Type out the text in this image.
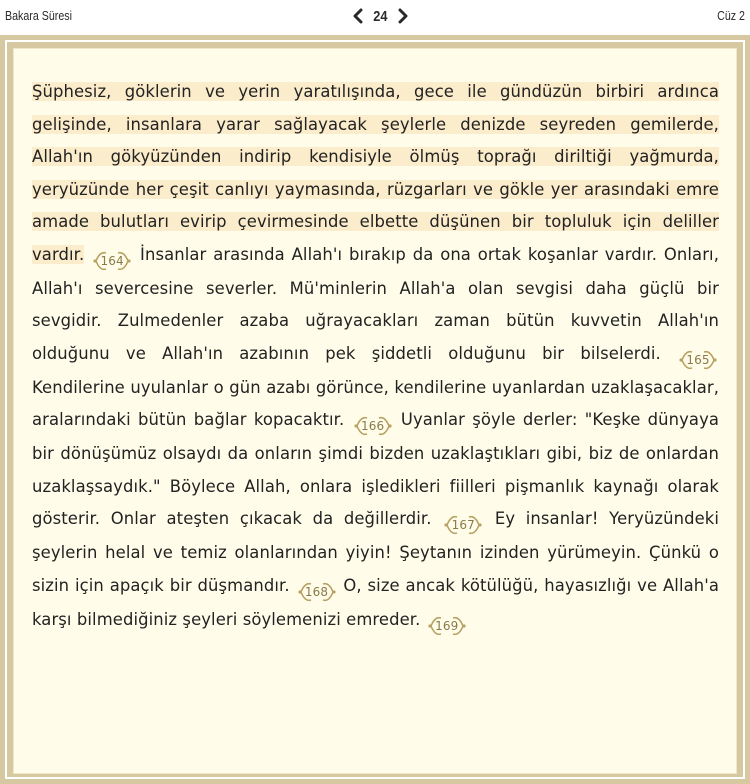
Bakara Süresi	24	Cüz 2
Şüphesiz, göklerin ve yerin yaratılışında, gece ile gündüzün birbiri ardınca gelişinde, insanlara yarar sağlayacak şeylerle denizde seyreden gemilerde, Allah'ın gökyüzünden indirip kendisiyle ölmüş toprağı diriltiği yağmurda, yeryüzünde her çeşit canlıyı yaymasında, rüzgarları ve gökle yer arasındaki emre amade bulutları evirip çevirmesinde elbette düşünen bir topluluk için deliller vardır. 164 İnsanlar arasında Allah'ı bırakıp da ona ortak koşanlar vardır. Onları, Allah'ı severcesine severler. Mü'minlerin Allah'a olan sevgisi daha güçlü bir sevgidir. Zulmedenler azaba uğrayacakları zaman bütün kuvvetin Allah'ın olduğunu ve Allah'ın azabının pek şiddetli olduğunu bir bilselerdi. 165
Kendilerine uyulanlar o gün azabı görünce, kendilerine uyanlardan uzaklaşacaklar, aralarındaki bütün bağlar kopacaktır. 166 Uyanlar şöyle derler: "Keşke dünyaya bir dönüşümüz olsaydı da onların şimdi bizden uzaklaştıkları gibi, biz de onlardan uzaklaşsaydık." Böylece Allah, onlara işledikleri fiilleri pişmanlık kaynağı olarak gösterir. Onlar ateşten çıkacak da değillerdir. 167 Ey insanlar! Yeryüzündeki şeylerin helal ve temiz olanlarından yiyin! Şeytanın izinden yürümeyin. Çünkü o sizin için apaçık bir düşmandır. 168 O, size ancak kötülüğü, hayasızlığı ve Allah'a karşı bilmediğiniz şeyleri söylemenizi emreder. 169
